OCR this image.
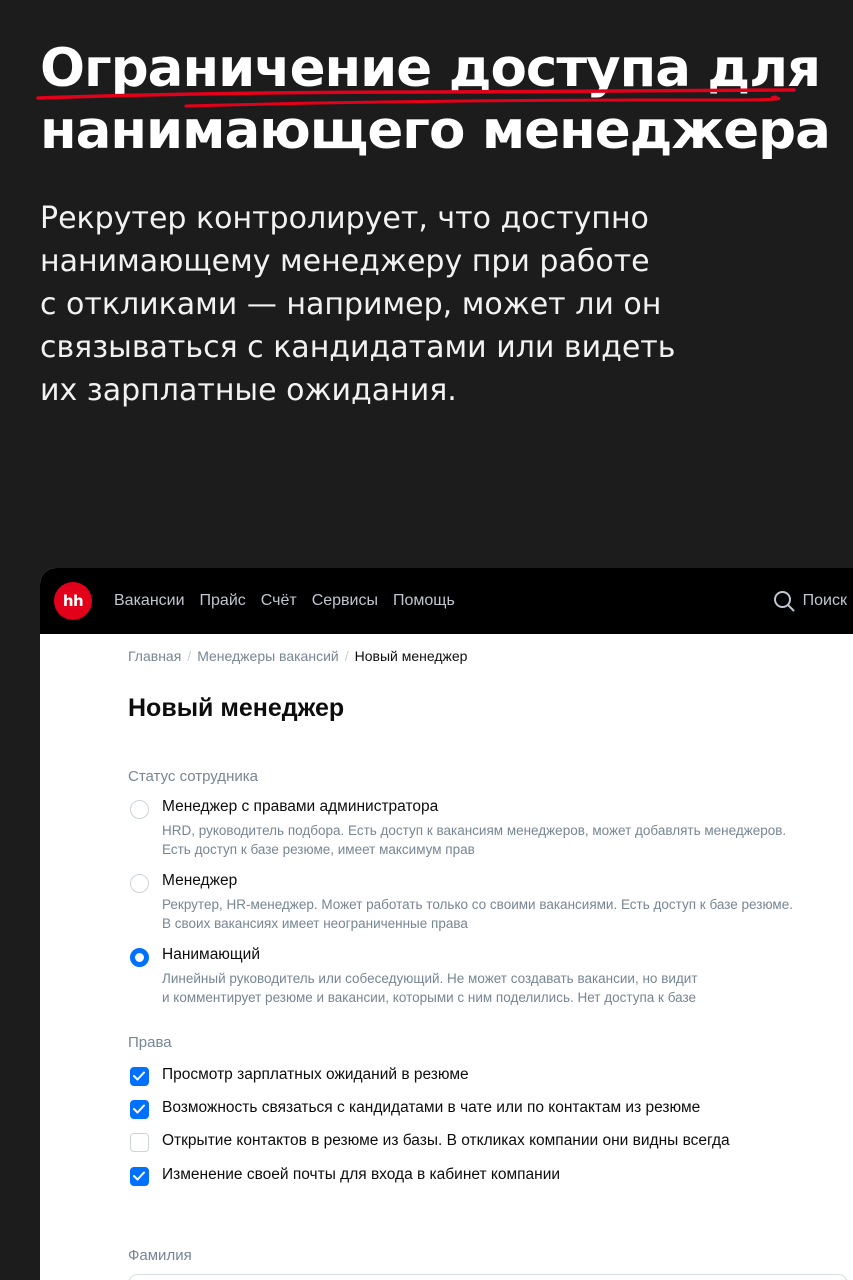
Ограничение доступа для
нанимающего менеджера
Рекрутер контролирует, что доступно
нанимающему менеджеру при работе
с откликами — например, может ли он
связываться с кандидатами или видеть
их зарплатные ожидания.
hh	Вакансии Прайс Счёт Сервисы Помощь	Поиск
Главная / Менеджеры вакансий / Новый менеджер
Новый менеджер
Статус сотрудника
Менеджер с правами администратора
HRD, руководитель подбора. Есть доступ к вакансиям менеджеров, может добавлять менеджеров.
Есть доступ к базе резюме, имеет максимум прав
Менеджер
Рекрутер, HR-менеджер. Может работать только со своими вакансиями. Есть доступ к базе резюме.
В своих вакансиях имеет неограниченные права
Нанимающий
Линейный руководитель или собеседующий. Не может создавать вакансии, но видит
и комментирует резюме и вакансии, которыми с ним поделились. Нет доступа к базе
Права
Просмотр зарплатных ожиданий в резюме
Возможность связаться с кандидатами в чате или по контактам из резюме
Открытие контактов в резюме из базы. В откликах компании они видны всегда
Изменение своей почты для входа в кабинет компании
Фамилия
